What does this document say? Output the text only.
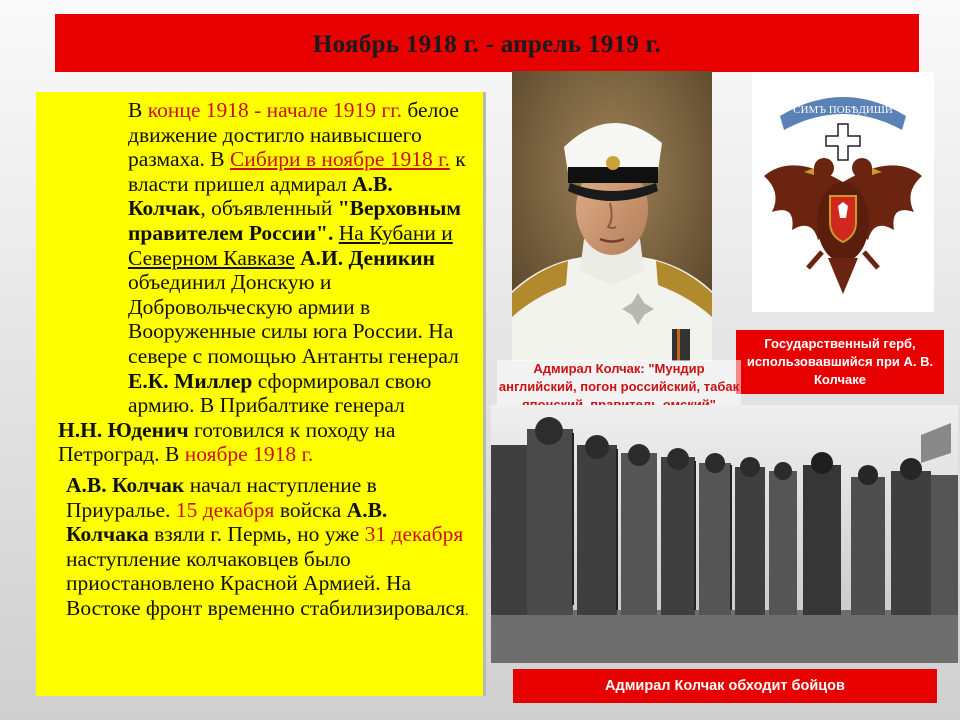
Ноябрь 1918 г. - апрель 1919 г.

В конце 1918 - начале 1919 гг. белое движение достигло наивысшего размаха. В Сибири в ноябре 1918 г. к власти пришел адмирал А.В. Колчак, объявленный "Верховным правителем России". На Кубани и Северном Кавказе А.И. Деникин объединил Донскую и Добровольческую армии в Вооруженные силы юга России. На севере с помощью Антанты генерал Е.К. Миллер сформировал свою армию. В Прибалтике генерал

Н.Н. Юденич готовился к походу на Петроград. В ноябре 1918 г.

А.В. Колчак начал наступление в Приуралье. 15 декабря войска А.В. Колчака взяли г. Пермь, но уже 31 декабря наступление колчаковцев было приостановлено Красной Армией. На Востоке фронт временно стабилизировался.

СИМЪ ПОБѢДИШИ
Государственный герб, использовавшийся при А. В. Колчаке
Адмирал Колчак: "Мундир английский, погон российский, табак
Адмирал Колчак обходит бойцов
